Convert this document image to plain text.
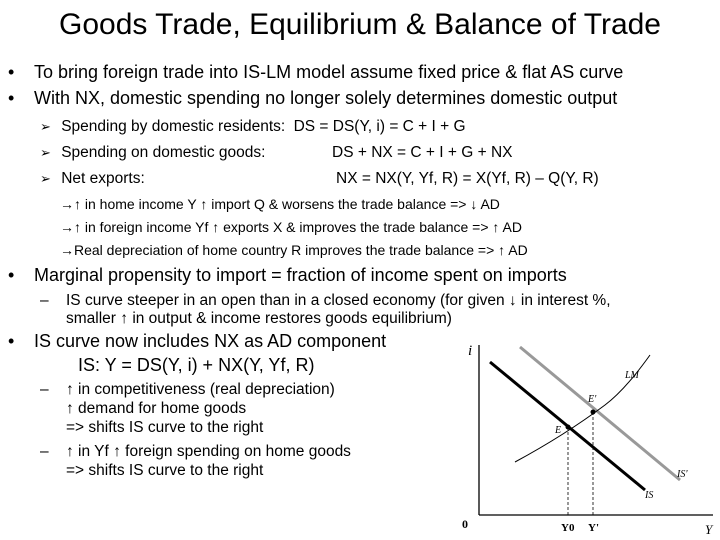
Goods Trade, Equilibrium & Balance of Trade
• To bring foreign trade into IS-LM model assume fixed price & flat AS curve
• With NX, domestic spending no longer solely determines domestic output
➢ Spending by domestic residents: DS = DS(Y, i) = C + I + G
➢ Spending on domestic goods:	DS + NX = C + I + G + NX
➢ Net exports:	NX = NX(Y, Yf, R) = X(Yf, R) – Q(Y, R)
→↑ in home income Y ↑ import Q & worsens the trade balance => ↓ AD
→↑ in foreign income Yf ↑ exports X & improves the trade balance => ↑ AD
→Real depreciation of home country R improves the trade balance => ↑ AD
• Marginal propensity to import = fraction of income spent on imports
– IS curve steeper in an open than in a closed economy (for given ↓ in interest %,
smaller ↑ in output & income restores goods equilibrium)
• IS curve now includes NX as AD component
IS: Y = DS(Y, i) + NX(Y, Yf, R)
– ↑ in competitiveness (real depreciation)
↑ demand for home goods
=> shifts IS curve to the right
– ↑ in Yf ↑ foreign spending on home goods
=> shifts IS curve to the right
i
Y
0
LM
IS
IS'
E
E'
Y0 Y'
